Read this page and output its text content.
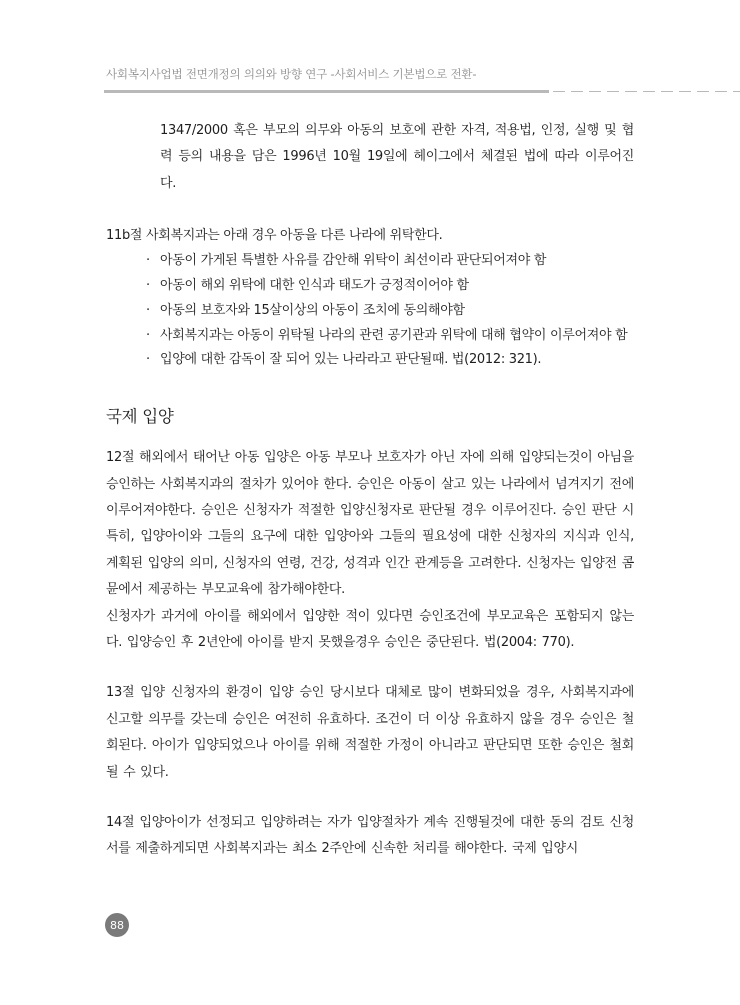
사회복지사업법 전면개정의 의의와 방향 연구 -사회서비스 기본법으로 전환-

1347/2000 혹은 부모의 의무와 아동의 보호에 관한 자격, 적용법, 인정, 실행 및 협력 등의 내용을 담은 1996년 10월 19일에 헤이그에서 체결된 법에 따라 이루어진다.

11b절 사회복지과는 아래 경우 아동을 다른 나라에 위탁한다.

· 아동이 가게된 특별한 사유를 감안해 위탁이 최선이라 판단되어져야 함
· 아동이 해외 위탁에 대한 인식과 태도가 긍정적이어야 함
· 아동의 보호자와 15살이상의 아동이 조치에 동의해야함
· 사회복지과는 아동이 위탁될 나라의 관련 공기관과 위탁에 대해 협약이 이루어져야 함
· 입양에 대한 감독이 잘 되어 있는 나라라고 판단될때. 법(2012: 321).
국제 입양

12절 해외에서 태어난 아동 입양은 아동 부모나 보호자가 아닌 자에 의해 입양되는것이 아님을 승인하는 사회복지과의 절차가 있어야 한다. 승인은 아동이 살고 있는 나라에서 넘겨지기 전에 이루어져야한다. 승인은 신청자가 적절한 입양신청자로 판단될 경우 이루어진다. 승인 판단 시 특히, 입양아이와 그들의 요구에 대한 입양아와 그들의 필요성에 대한 신청자의 지식과 인식, 계획된 입양의 의미, 신청자의 연령, 건강, 성격과 인간 관계등을 고려한다. 신청자는 입양전 콤뮨에서 제공하는 부모교육에 참가해야한다.

신청자가 과거에 아이를 해외에서 입양한 적이 있다면 승인조건에 부모교육은 포함되지 않는다. 입양승인 후 2년안에 아이를 받지 못했을경우 승인은 중단된다. 법(2004: 770).

13절 입양 신청자의 환경이 입양 승인 당시보다 대체로 많이 변화되었을 경우, 사회복지과에 신고할 의무를 갖는데 승인은 여전히 유효하다. 조건이 더 이상 유효하지 않을 경우 승인은 철회된다. 아이가 입양되었으나 아이를 위해 적절한 가정이 아니라고 판단되면 또한 승인은 철회 될 수 있다.

14절 입양아이가 선정되고 입양하려는 자가 입양절차가 계속 진행될것에 대한 동의 검토 신청서를 제출하게되면 사회복지과는 최소 2주안에 신속한 처리를 해야한다. 국제 입양시

88
